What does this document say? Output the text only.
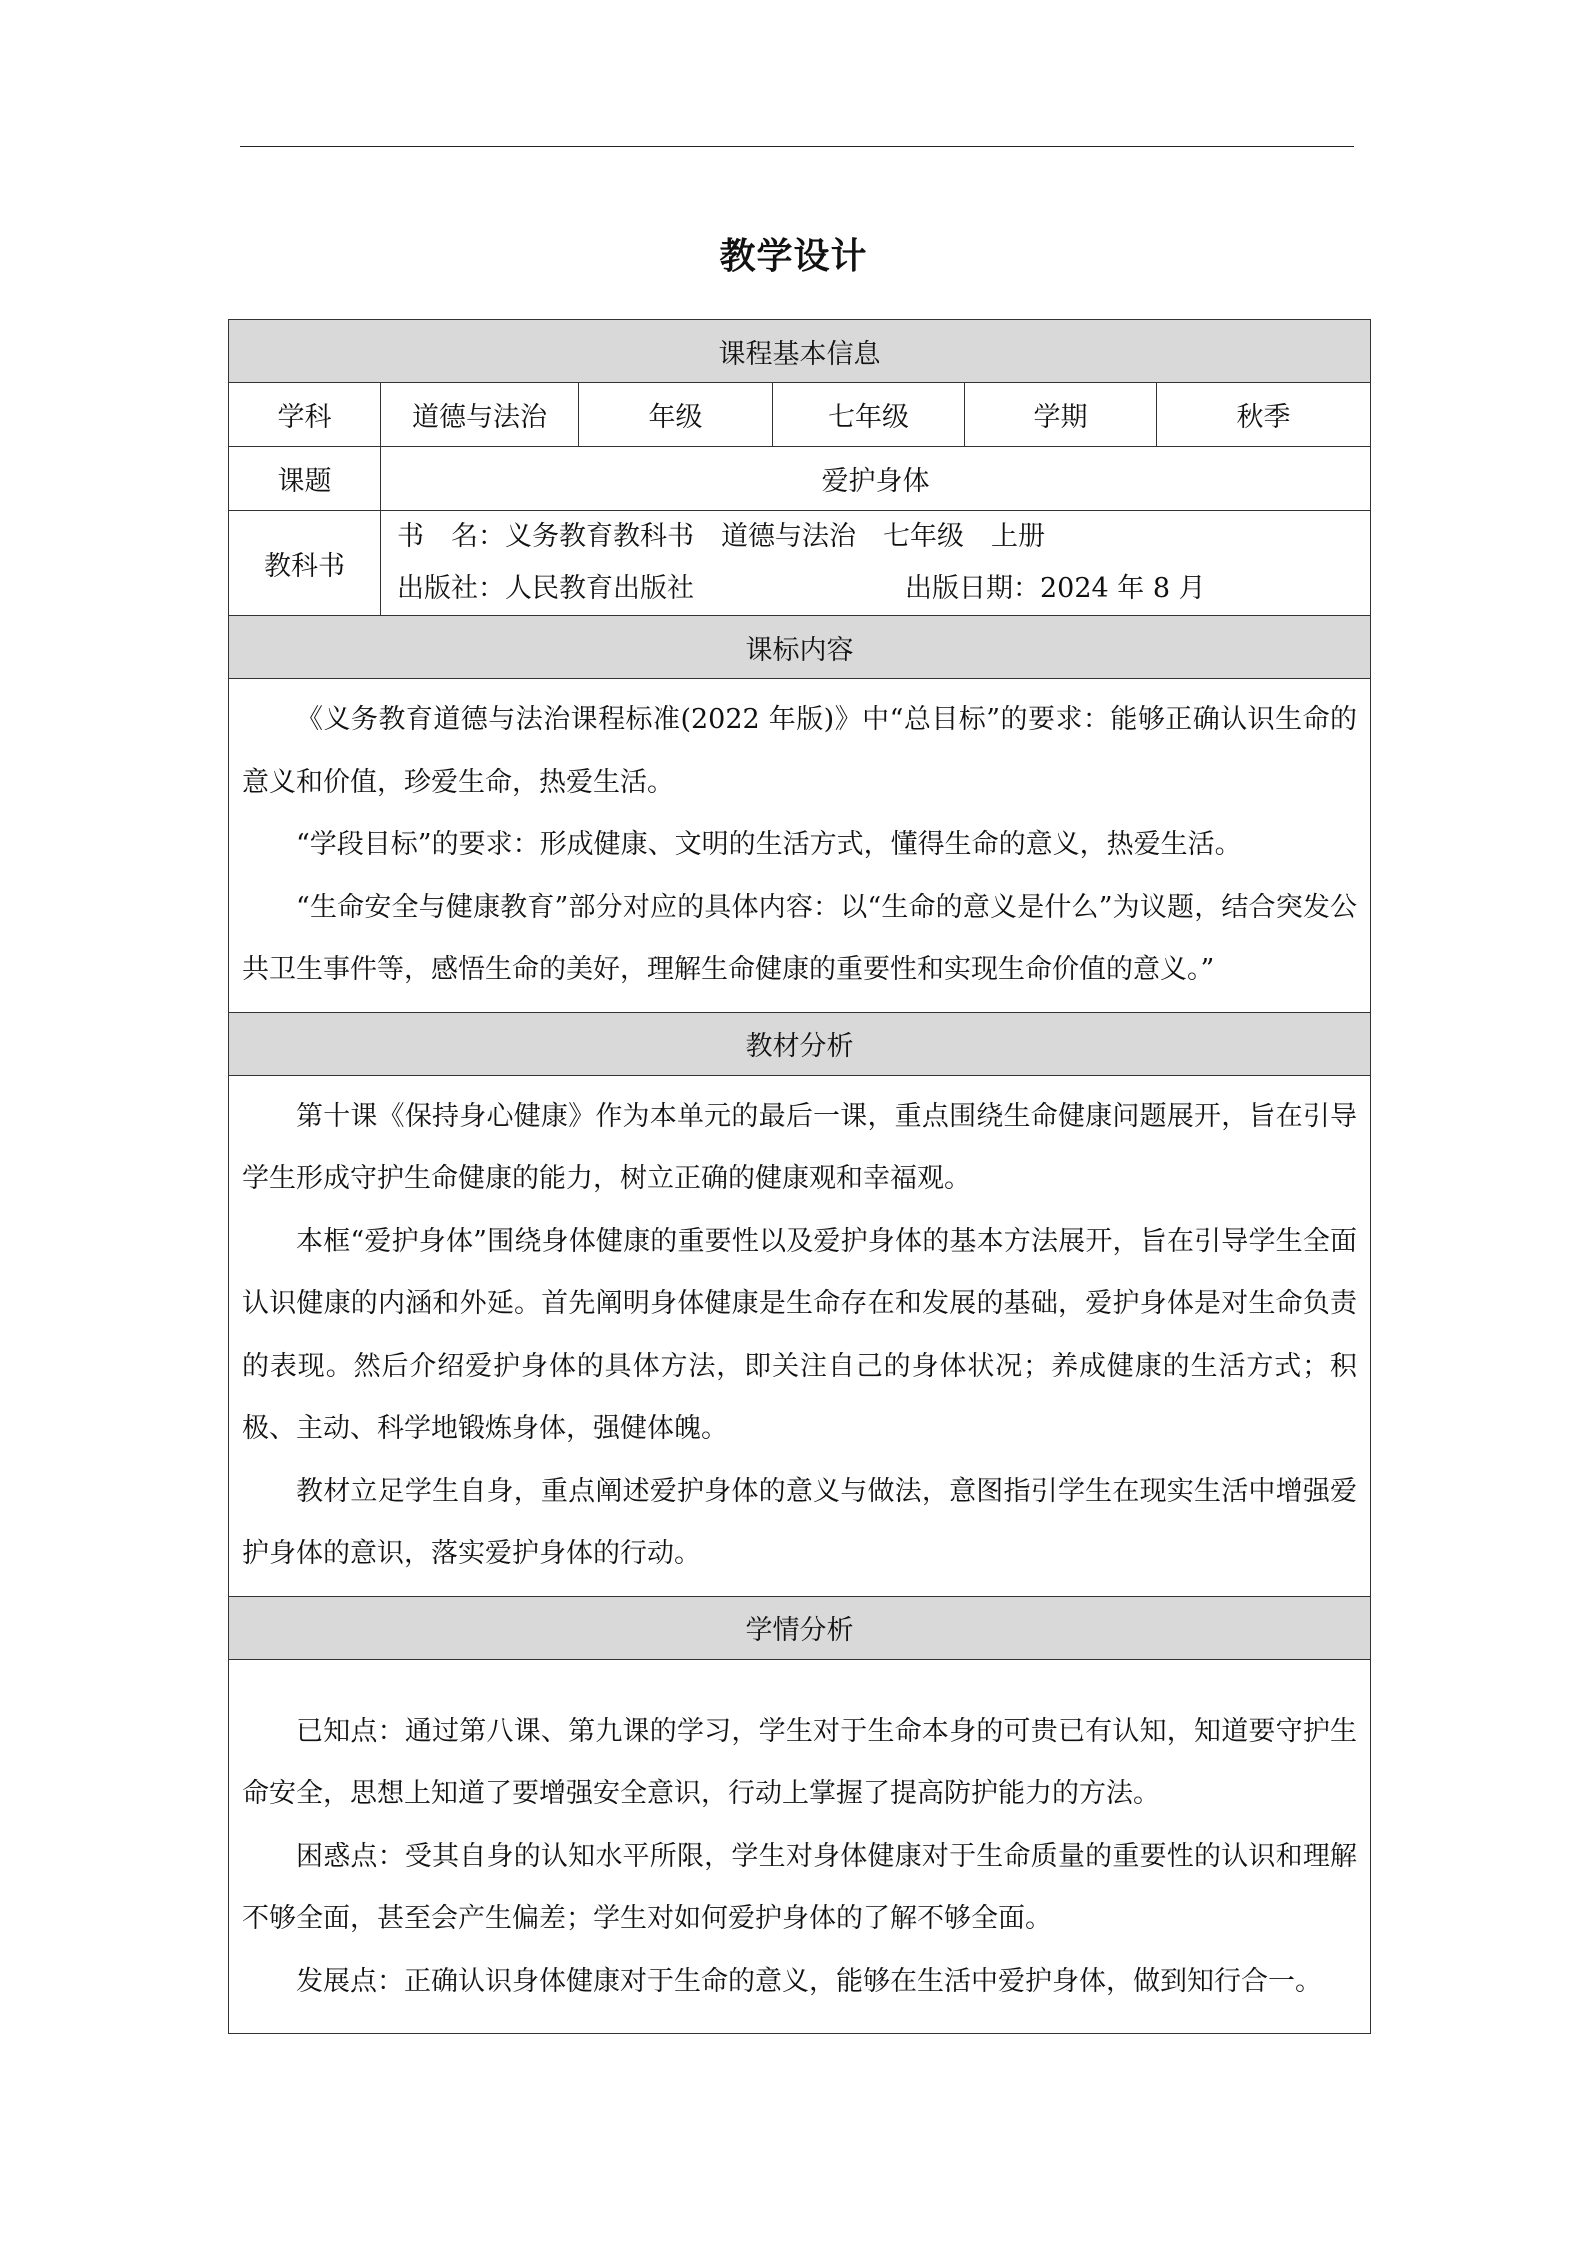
教学设计
课程基本信息					
学科	道德与法治	年级	七年级	学期	秋季
课题	爱护身体				
教科书	书　名：义务教育教科书 道德与法治 七年级 上册
出版社：人民教育出版社 出版日期：2024 年 8 月				

课标内容					

《义务教育道德与法治课程标准(2022 年版)》中“总目标”的要求：能够正确认识生命的意义和价值，珍爱生命，热爱生活。

“学段目标”的要求：形成健康、文明的生活方式，懂得生命的意义，热爱生活。

“生命安全与健康教育”部分对应的具体内容：以“生命的意义是什么”为议题，结合突发公共卫生事件等，感悟生命的美好，理解生命健康的重要性和实现生命价值的意义。”					

教材分析					

第十课《保持身心健康》作为本单元的最后一课，重点围绕生命健康问题展开，旨在引导学生形成守护生命健康的能力，树立正确的健康观和幸福观。

本框“爱护身体”围绕身体健康的重要性以及爱护身体的基本方法展开，旨在引导学生全面认识健康的内涵和外延。首先阐明身体健康是生命存在和发展的基础，爱护身体是对生命负责的表现。然后介绍爱护身体的具体方法，即关注自己的身体状况；养成健康的生活方式；积极、主动、科学地锻炼身体，强健体魄。

教材立足学生自身，重点阐述爱护身体的意义与做法，意图指引学生在现实生活中增强爱护身体的意识，落实爱护身体的行动。					

学情分析					

已知点：通过第八课、第九课的学习，学生对于生命本身的可贵已有认知，知道要守护生命安全，思想上知道了要增强安全意识，行动上掌握了提高防护能力的方法。

困惑点：受其自身的认知水平所限，学生对身体健康对于生命质量的重要性的认识和理解不够全面，甚至会产生偏差；学生对如何爱护身体的了解不够全面。

发展点：正确认识身体健康对于生命的意义，能够在生活中爱护身体，做到知行合一。					
